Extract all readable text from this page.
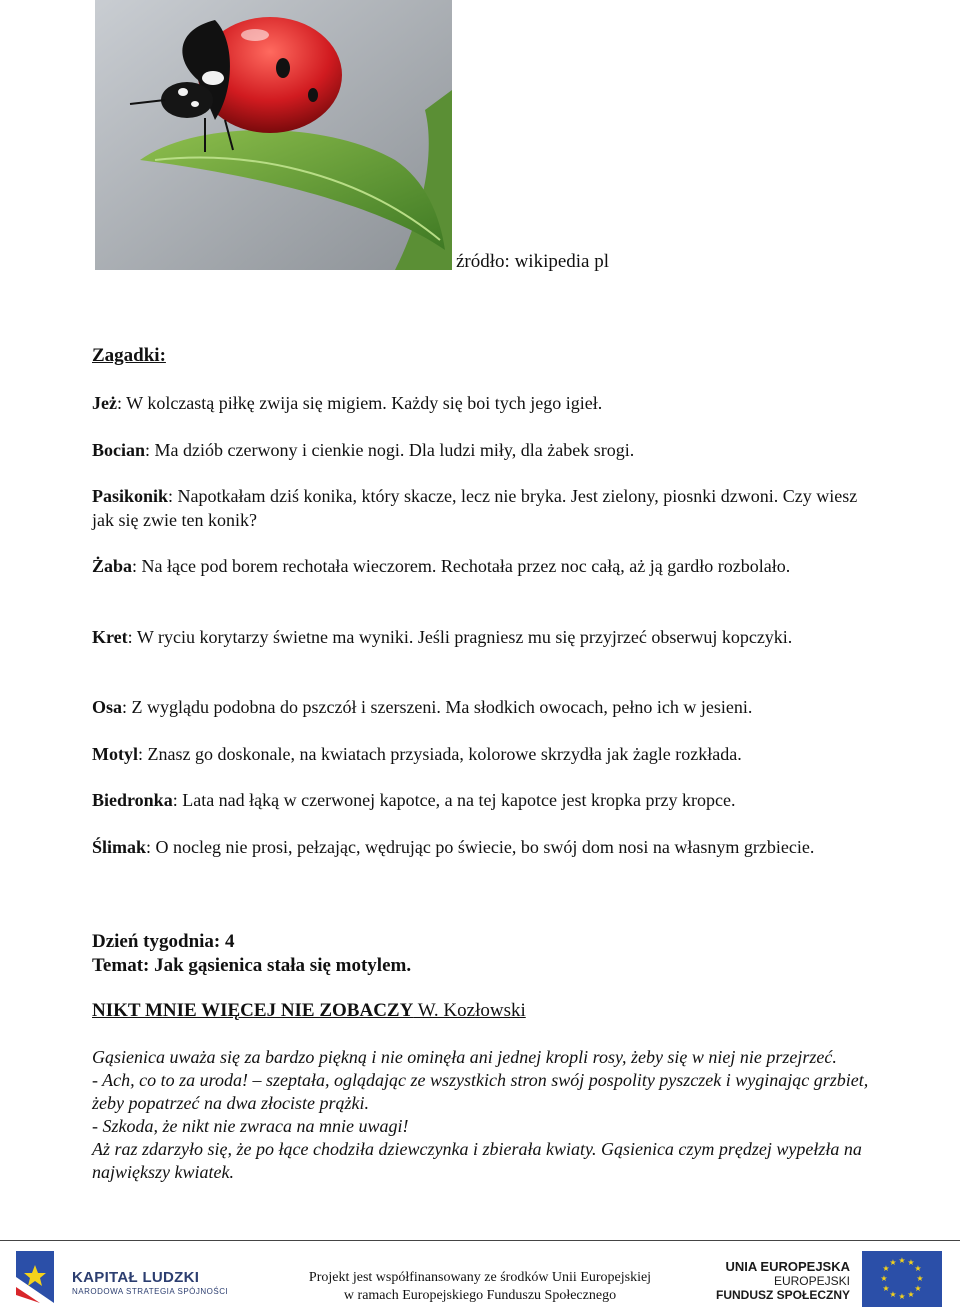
źródło: wikipedia pl
Zagadki:
Jeż: W kolczastą piłkę zwija się migiem. Każdy się boi tych jego igieł.
Bocian: Ma dziób czerwony i cienkie nogi. Dla ludzi miły, dla żabek srogi.
Pasikonik: Napotkałam dziś konika, który skacze, lecz nie bryka. Jest zielony, piosnki dzwoni. Czy wiesz jak się zwie ten konik?
Żaba: Na łące pod borem rechotała wieczorem. Rechotała przez noc całą, aż ją gardło rozbolało.
Kret: W ryciu korytarzy świetne ma wyniki. Jeśli pragniesz mu się przyjrzeć obserwuj kopczyki.
Osa: Z wyglądu podobna do pszczół i szerszeni. Ma słodkich owocach, pełno ich w jesieni.
Motyl: Znasz go doskonale, na kwiatach przysiada, kolorowe skrzydła jak żagle rozkłada.
Biedronka: Lata nad łąką w czerwonej kapotce, a na tej kapotce jest kropka przy kropce.
Ślimak: O nocleg nie prosi, pełzając, wędrując po świecie, bo swój dom nosi na własnym grzbiecie.
Dzień tygodnia: 4
Temat: Jak gąsienica stała się motylem.
NIKT MNIE WIĘCEJ NIE ZOBACZY W. Kozłowski

Gąsienica uważa się za bardzo piękną i nie ominęła ani jednej kropli rosy, żeby się w niej nie przejrzeć.

- Ach, co to za uroda! – szeptała, oglądając ze wszystkich stron swój pospolity pyszczek i wyginając grzbiet, żeby popatrzeć na dwa złociste prążki.

- Szkoda, że nikt nie zwraca na mnie uwagi!

Aż raz zdarzyło się, że po łące chodziła dziewczynka i zbierała kwiaty. Gąsienica czym prędzej wypełzła na największy kwiatek.

KAPITAŁ LUDZKI
NARODOWA STRATEGIA SPÓJNOŚCI
Projekt jest współfinansowany ze środków Unii Europejskiej
w ramach Europejskiego Funduszu Społecznego
UNIA EUROPEJSKA
EUROPEJSKI
FUNDUSZ SPOŁECZNY
★ ★
★
★
★
★
★
★
★
★
★
★
